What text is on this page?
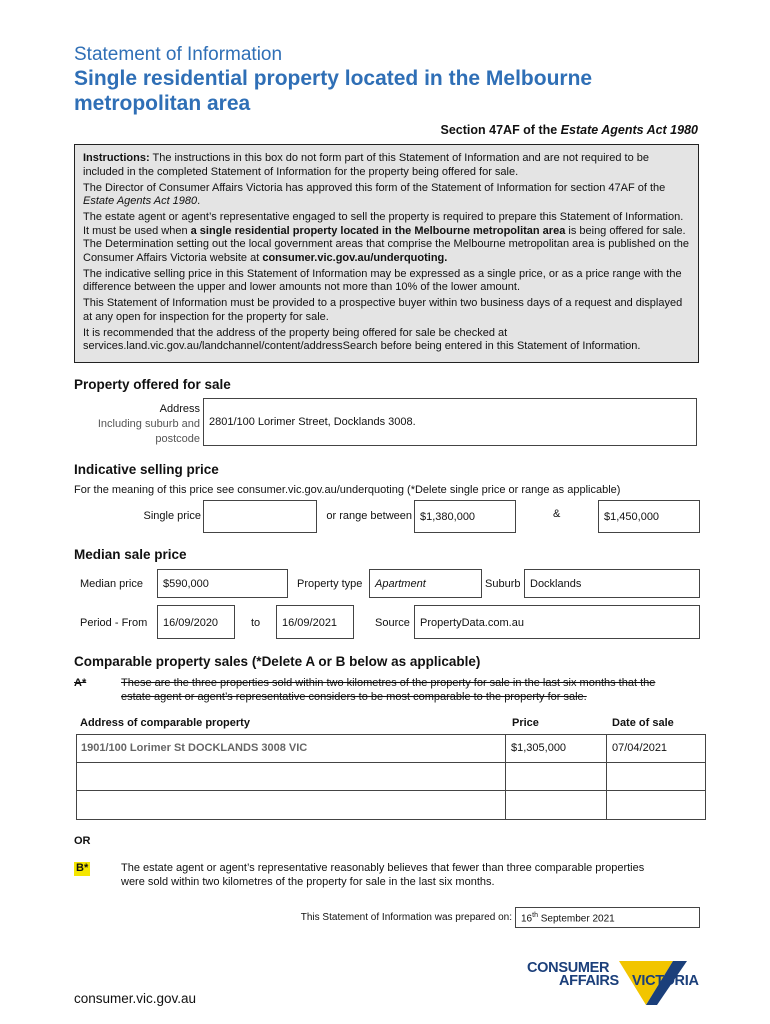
Statement of Information
Single residential property located in the Melbourne
metropolitan area
Section 47AF of the Estate Agents Act 1980

Instructions: The instructions in this box do not form part of this Statement of Information and are not required to be included in the completed Statement of Information for the property being offered for sale.

The Director of Consumer Affairs Victoria has approved this form of the Statement of Information for section 47AF of the Estate Agents Act 1980.

The estate agent or agent’s representative engaged to sell the property is required to prepare this Statement of Information. It must be used when a single residential property located in the Melbourne metropolitan area is being offered for sale. The Determination setting out the local government areas that comprise the Melbourne metropolitan area is published on the Consumer Affairs Victoria website at consumer.vic.gov.au/underquoting.

The indicative selling price in this Statement of Information may be expressed as a single price, or as a price range with the difference between the upper and lower amounts not more than 10% of the lower amount.

This Statement of Information must be provided to a prospective buyer within two business days of a request and displayed at any open for inspection for the property for sale.

It is recommended that the address of the property being offered for sale be checked at services.land.vic.gov.au/landchannel/content/addressSearch before being entered in this Statement of Information.

Property offered for sale
Address
Including suburb and
postcode
2801/100 Lorimer Street, Docklands 3008.
Indicative selling price
For the meaning of this price see consumer.vic.gov.au/underquoting (*Delete single price or range as applicable)
Single price	or range between $1,380,000	&	$1,450,000
Median sale price
Median price	$590,000	Property type	Apartment	Suburb Docklands
Period - From	16/09/2020	to	16/09/2021	Source PropertyData.com.au
Comparable property sales (*Delete A or B below as applicable)
A*	These are the three properties sold within two kilometres of the property for sale in the last six months that the
estate agent or agent’s representative considers to be most comparable to the property for sale.
Address of comparable property	Price	Date of sale
1901/100 Lorimer St DOCKLANDS 3008 VIC	$1,305,000	07/04/2021
OR
B*	The estate agent or agent’s representative reasonably believes that fewer than three comparable properties
were sold within two kilometres of the property for sale in the last six months.
This Statement of Information was prepared on: 16th September 2021
CONSUMER
AFFAIRS VICTORIA
consumer.vic.gov.au
